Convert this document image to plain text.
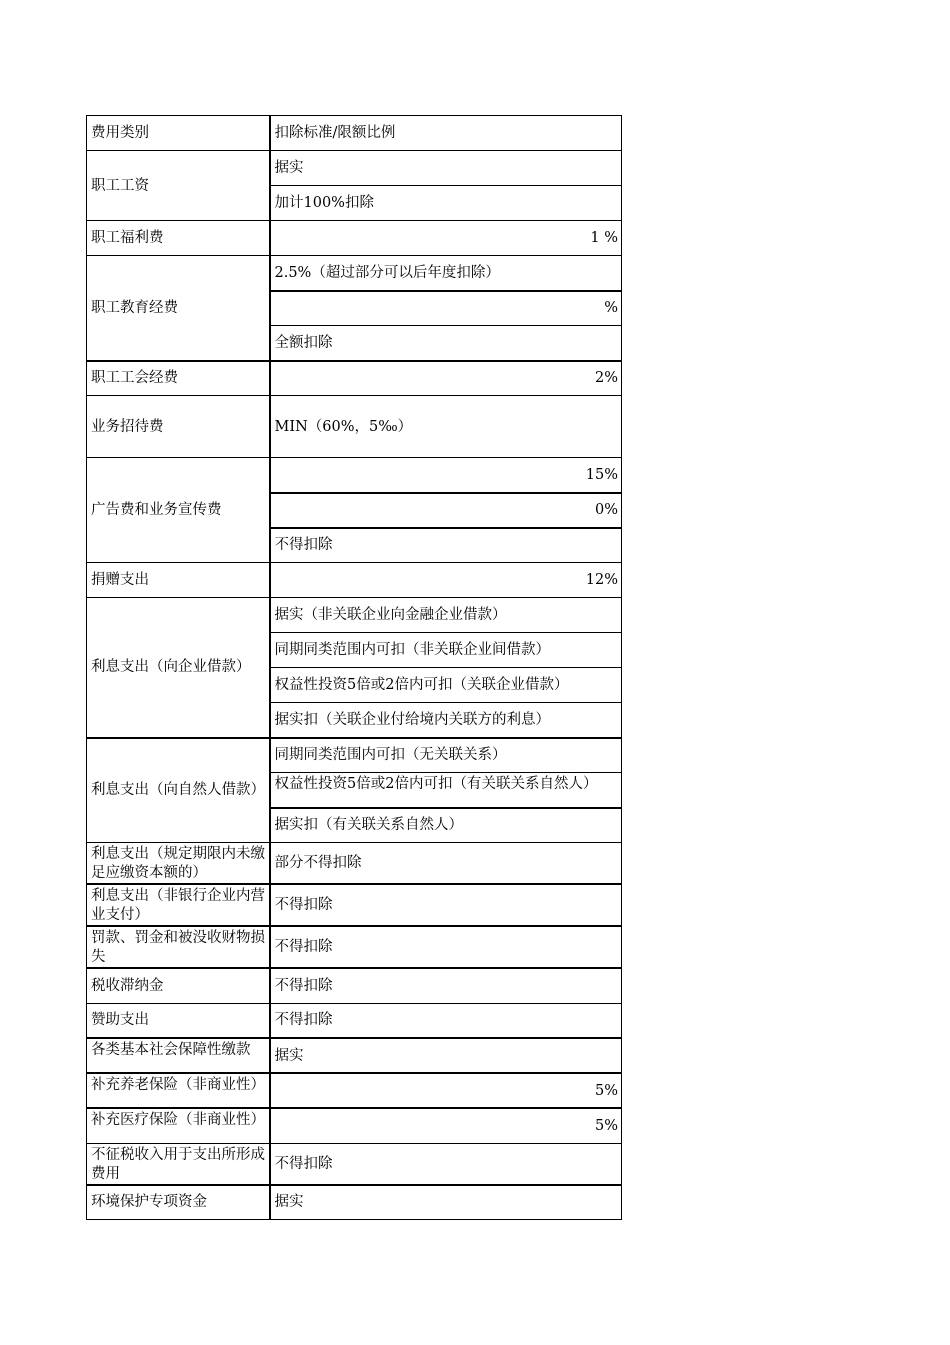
费用类别	扣除标准/限额比例
职工工资	据实
	加计100%扣除
职工福利费	1 %
职工教育经费	2.5%（超过部分可以后年度扣除）
	%
	全额扣除
职工工会经费	2%
业务招待费	MIN（60%，5‰）
广告费和业务宣传费	15%
	0%
	不得扣除
捐赠支出	12%
利息支出（向企业借款）	据实（非关联企业向金融企业借款）
	同期同类范围内可扣（非关联企业间借款）
	权益性投资5倍或2倍内可扣（关联企业借款）
	据实扣（关联企业付给境内关联方的利息）
利息支出（向自然人借款）	同期同类范围内可扣（无关联关系）
	权益性投资5倍或2倍内可扣（有关联关系自然人）
	据实扣（有关联关系自然人）
利息支出（规定期限内未缴足应缴资本额的）	部分不得扣除
利息支出（非银行企业内营业支付）	不得扣除
罚款、罚金和被没收财物损失	不得扣除
税收滞纳金	不得扣除
赞助支出	不得扣除
各类基本社会保障性缴款	据实
补充养老保险（非商业性）	5%
补充医疗保险（非商业性）	5%
不征税收入用于支出所形成费用	不得扣除
环境保护专项资金	据实
